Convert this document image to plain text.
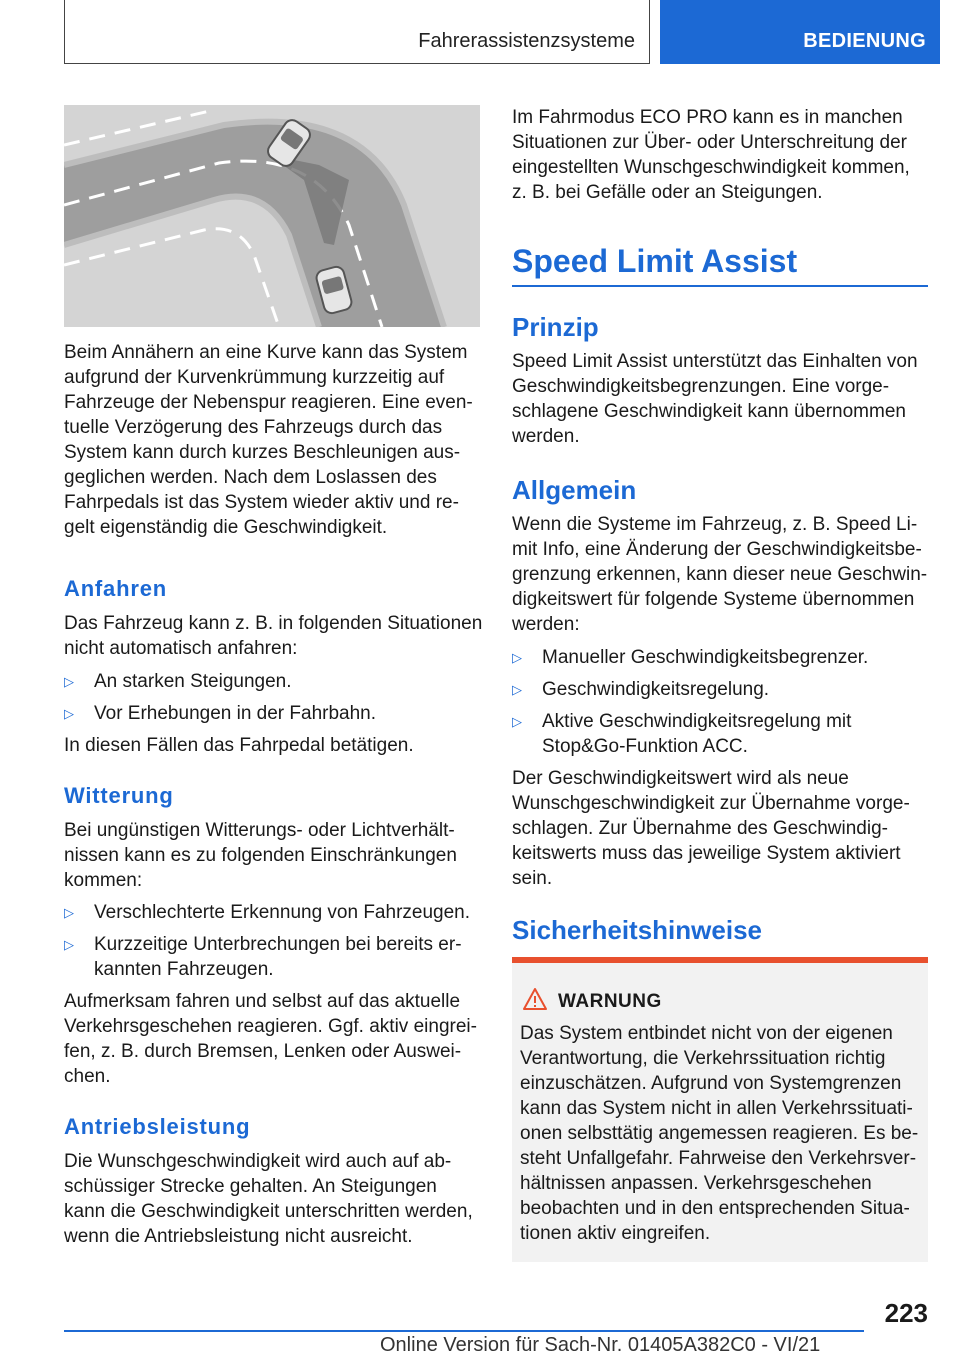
Fahrerassistenzsysteme	BEDIENUNG
Beim Annähern an eine Kurve kann das System
aufgrund der Kurvenkrümmung kurzzeitig auf
Fahrzeuge der Nebenspur reagieren. Eine even-
tuelle Verzögerung des Fahrzeugs durch das
System kann durch kurzes Beschleunigen aus-
geglichen werden. Nach dem Loslassen des
Fahrpedals ist das System wieder aktiv und re-
gelt eigenständig die Geschwindigkeit.
Anfahren
Das Fahrzeug kann z. B. in folgenden Situationen
nicht automatisch anfahren:
▷ An starken Steigungen.
▷ Vor Erhebungen in der Fahrbahn.
In diesen Fällen das Fahrpedal betätigen.
Witterung
Bei ungünstigen Witterungs- oder Lichtverhält-
nissen kann es zu folgenden Einschränkungen
kommen:
▷ Verschlechterte Erkennung von Fahrzeugen.
▷ Kurzzeitige Unterbrechungen bei bereits er-
kannten Fahrzeugen.
Aufmerksam fahren und selbst auf das aktuelle
Verkehrsgeschehen reagieren. Ggf. aktiv eingrei-
fen, z. B. durch Bremsen, Lenken oder Auswei-
chen.
Antriebsleistung
Die Wunschgeschwindigkeit wird auch auf ab-
schüssiger Strecke gehalten. An Steigungen
kann die Geschwindigkeit unterschritten werden,
wenn die Antriebsleistung nicht ausreicht.
Im Fahrmodus ECO PRO kann es in manchen
Situationen zur Über- oder Unterschreitung der
eingestellten Wunschgeschwindigkeit kommen,
z. B. bei Gefälle oder an Steigungen.
Speed Limit Assist
Prinzip
Speed Limit Assist unterstützt das Einhalten von
Geschwindigkeitsbegrenzungen. Eine vorge-
schlagene Geschwindigkeit kann übernommen
werden.
Allgemein
Wenn die Systeme im Fahrzeug, z. B. Speed Li-
mit Info, eine Änderung der Geschwindigkeitsbe-
grenzung erkennen, kann dieser neue Geschwin-
digkeitswert für folgende Systeme übernommen
werden:
▷ Manueller Geschwindigkeitsbegrenzer.
▷ Geschwindigkeitsregelung.
▷ Aktive Geschwindigkeitsregelung mit
Stop&Go-Funktion ACC.
Der Geschwindigkeitswert wird als neue
Wunschgeschwindigkeit zur Übernahme vorge-
schlagen. Zur Übernahme des Geschwindig-
keitswerts muss das jeweilige System aktiviert
sein.
Sicherheitshinweise
WARNUNG
Das System entbindet nicht von der eigenen
Verantwortung, die Verkehrssituation richtig
einzuschätzen. Aufgrund von Systemgrenzen
kann das System nicht in allen Verkehrssituati-
onen selbsttätig angemessen reagieren. Es be-
steht Unfallgefahr. Fahrweise den Verkehrsver-
hältnissen anpassen. Verkehrsgeschehen
beobachten und in den entsprechenden Situa-
tionen aktiv eingreifen.
223
Online Version für Sach-Nr. 01405A382C0 - VI/21
